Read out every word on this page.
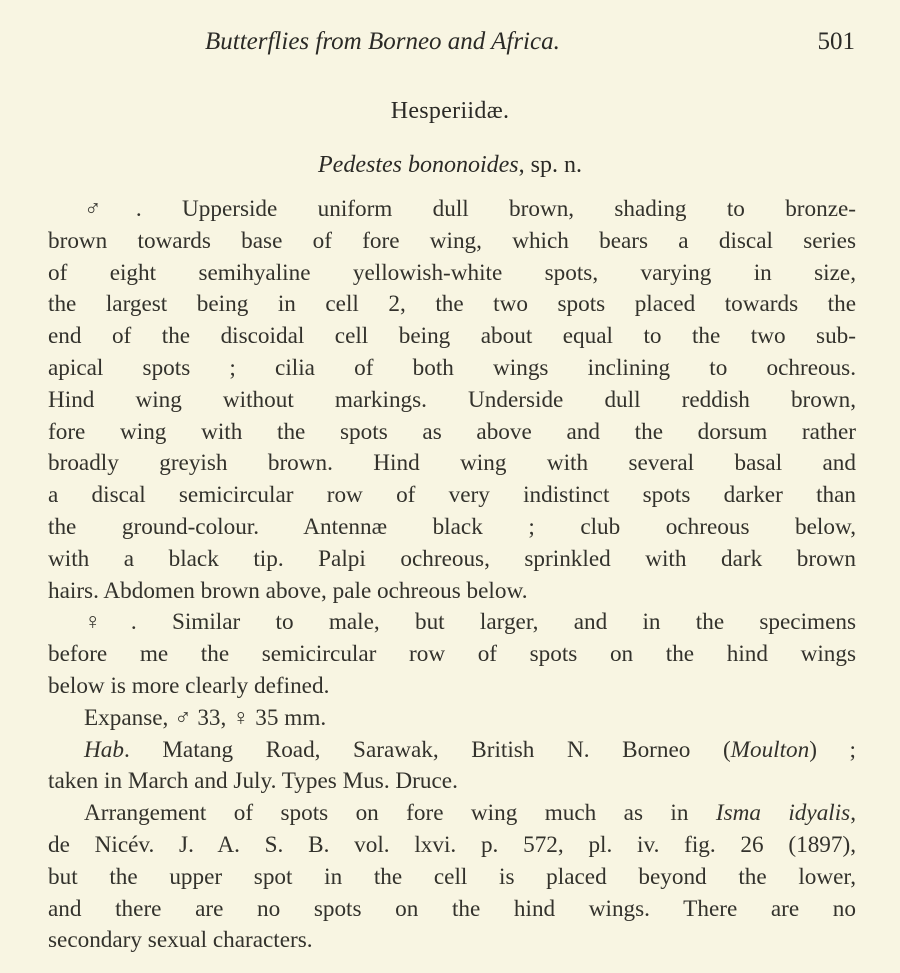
Butterflies from Borneo and Africa.	501
Hesperiidæ.
Pedestes bononoides, sp. n.
♂. Upperside uniform dull brown, shading to bronze-
brown towards base of fore wing, which bears a discal series
of eight semihyaline yellowish-white spots, varying in size,
the largest being in cell 2, the two spots placed towards the
end of the discoidal cell being about equal to the two sub-
apical spots ; cilia of both wings inclining to ochreous.
Hind wing without markings. Underside dull reddish brown,
fore wing with the spots as above and the dorsum rather
broadly greyish brown. Hind wing with several basal and
a discal semicircular row of very indistinct spots darker than
the ground-colour. Antennæ black ; club ochreous below,
with a black tip. Palpi ochreous, sprinkled with dark brown
hairs. Abdomen brown above, pale ochreous below.
♀. Similar to male, but larger, and in the specimens
before me the semicircular row of spots on the hind wings
below is more clearly defined.
Expanse, ♂ 33, ♀ 35 mm.
Hab. Matang Road, Sarawak, British N. Borneo (Moulton) ;
taken in March and July. Types Mus. Druce.
Arrangement of spots on fore wing much as in Isma idyalis,
de Nicév. J. A. S. B. vol. lxvi. p. 572, pl. iv. fig. 26 (1897),
but the upper spot in the cell is placed beyond the lower,
and there are no spots on the hind wings. There are no
secondary sexual characters.
